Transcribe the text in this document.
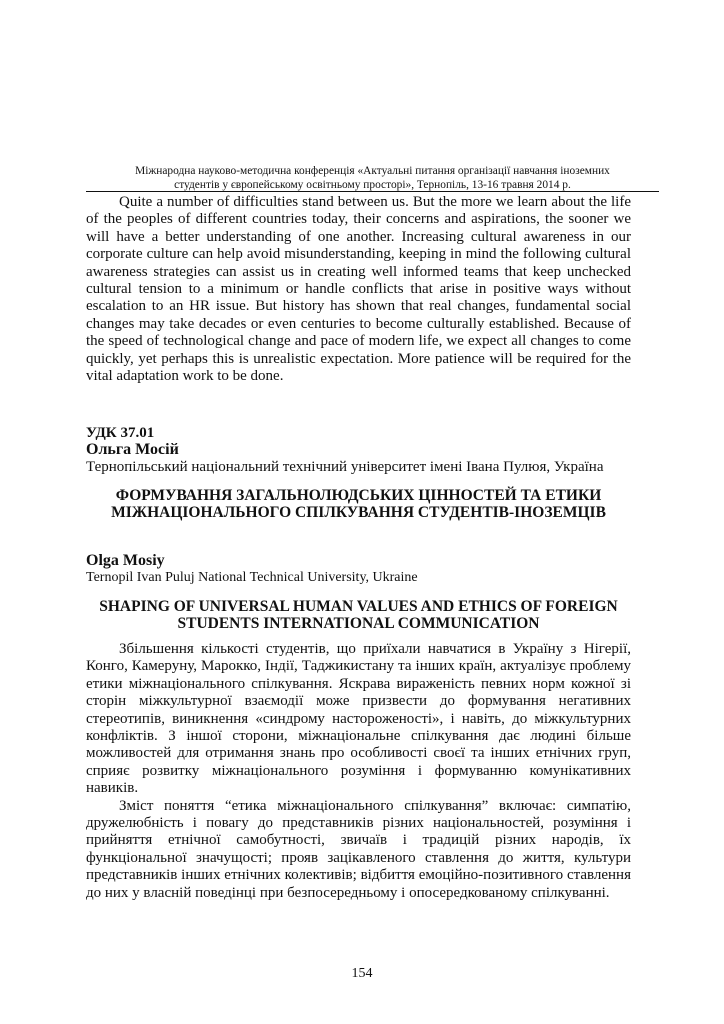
Міжнародна науково-методична конференція «Актуальні питання організації навчання іноземних
студентів у європейському освітньому просторі», Тернопіль, 13-16 травня 2014 р.

Quite a number of difficulties stand between us. But the more we learn about the life of the peoples of different countries today, their concerns and aspirations, the sooner we will have a better understanding of one another. Increasing cultural awareness in our corporate culture can help avoid misunderstanding, keeping in mind the following cultural awareness strategies can assist us in creating well informed teams that keep unchecked cultural tension to a minimum or handle conflicts that arise in positive ways without escalation to an HR issue. But history has shown that real changes, fundamental social changes may take decades or even centuries to become culturally established. Because of the speed of technological change and pace of modern life, we expect all changes to come quickly, yet perhaps this is unrealistic expectation. More patience will be required for the vital adaptation work to be done.

УДК 37.01
Ольга Мосій
Тернопільський національний технічний університет імені Івана Пулюя, Україна
ФОРМУВАННЯ ЗАГАЛЬНОЛЮДСЬКИХ ЦІННОСТЕЙ ТА ЕТИКИ МІЖНАЦІОНАЛЬНОГО СПІЛКУВАННЯ СТУДЕНТІВ-ІНОЗЕМЦІВ
Olga Mosiy
Ternopil Ivan Puluj National Technical University, Ukraine
SHAPING OF UNIVERSAL HUMAN VALUES AND ETHICS OF FOREIGN STUDENTS INTERNATIONAL COMMUNICATION

Збільшення кількості студентів, що приїхали навчатися в Україну з Нігерії, Конго, Камеруну, Марокко, Індії, Таджикистану та інших країн, актуалізує проблему етики міжнаціонального спілкування. Яскрава вираженість певних норм кожної зі сторін міжкультурної взаємодії може призвести до формування негативних стереотипів, виникнення «синдрому настороженості», і навіть, до міжкультурних конфліктів. З іншої сторони, міжнаціональне спілкування дає людині більше можливостей для отримання знань про особливості своєї та інших етнічних груп, сприяє розвитку міжнаціонального розуміння і формуванню комунікативних навиків.

Зміст поняття “етика міжнаціонального спілкування” включає: симпатію, дружелюбність і повагу до представників різних національностей, розуміння і прийняття етнічної самобутності, звичаїв і традицій різних народів, їх функціональної значущості; прояв зацікавленого ставлення до життя, культури представників інших етнічних колективів; відбиття емоційно-позитивного ставлення до них у власній поведінці при безпосередньому і опосередкованому спілкуванні.

154
